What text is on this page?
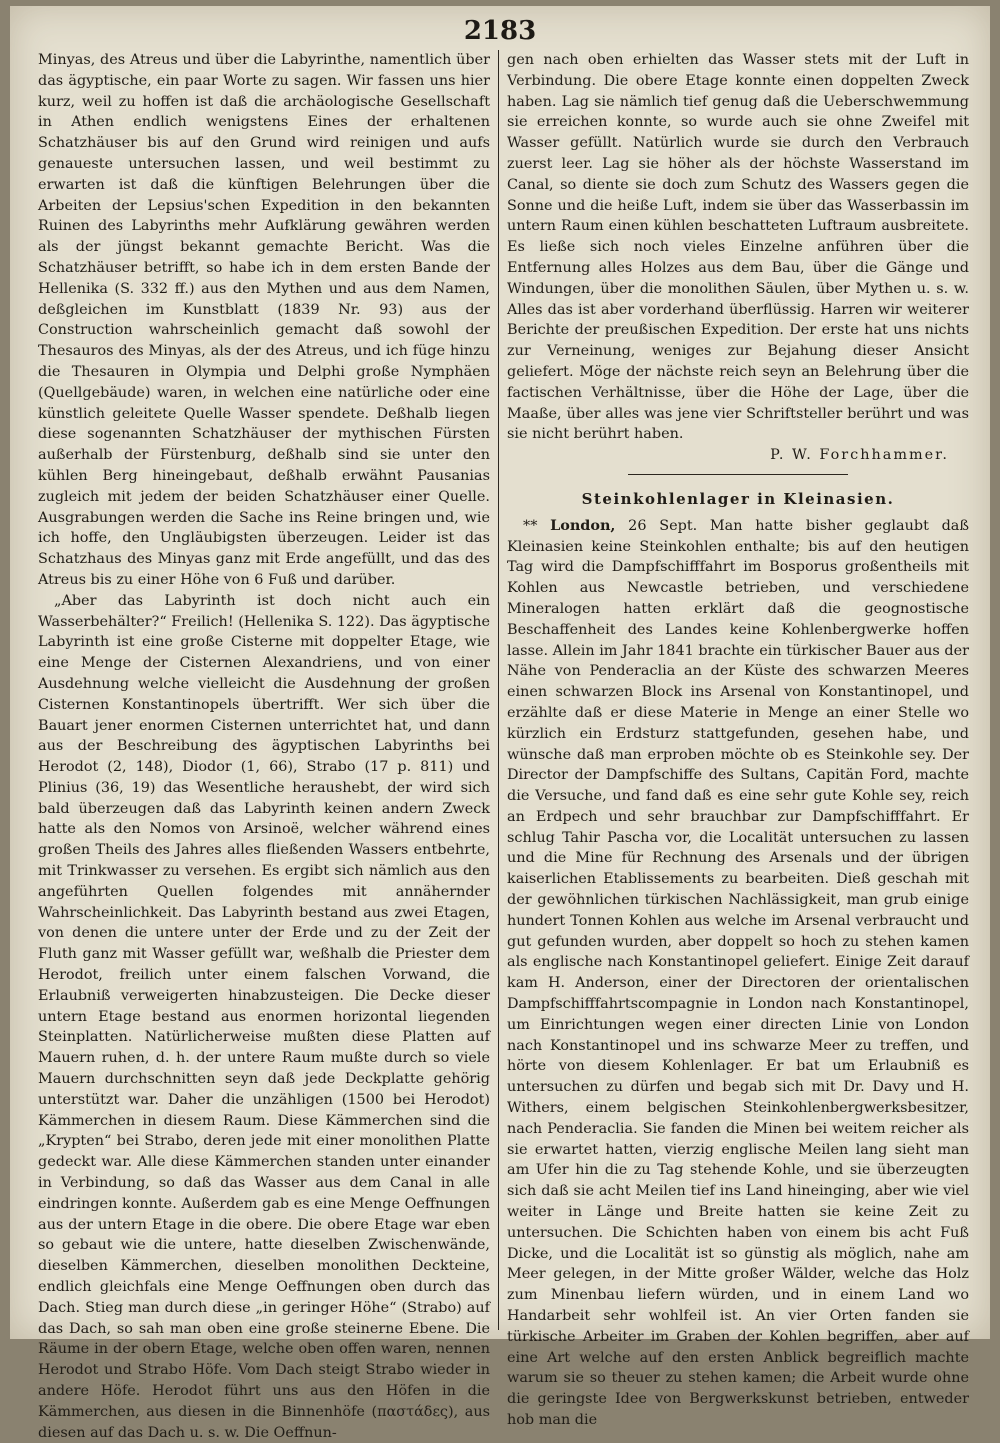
2183

Minyas, des Atreus und über die Labyrinthe, namentlich über das ägyptische, ein paar Worte zu sagen. Wir fassen uns hier kurz, weil zu hoffen ist daß die archäologische Gesellschaft in Athen endlich wenigstens Eines der erhaltenen Schatzhäuser bis auf den Grund wird reinigen und aufs genaueste untersuchen lassen, und weil bestimmt zu erwarten ist daß die künftigen Belehrungen über die Arbeiten der Lepsius'schen Expedition in den bekannten Ruinen des Labyrinths mehr Aufklärung gewähren werden als der jüngst bekannt gemachte Bericht. Was die Schatzhäuser betrifft, so habe ich in dem ersten Bande der Hellenika (S. 332 ff.) aus den Mythen und aus dem Namen, deßgleichen im Kunstblatt (1839 Nr. 93) aus der Construction wahrscheinlich gemacht daß sowohl der Thesauros des Minyas, als der des Atreus, und ich füge hinzu die Thesauren in Olympia und Delphi große Nymphäen (Quellgebäude) waren, in welchen eine natürliche oder eine künstlich geleitete Quelle Wasser spendete. Deßhalb liegen diese sogenannten Schatzhäuser der mythischen Fürsten außerhalb der Fürstenburg, deßhalb sind sie unter den kühlen Berg hineingebaut, deßhalb erwähnt Pausanias zugleich mit jedem der beiden Schatzhäuser einer Quelle. Ausgrabungen werden die Sache ins Reine bringen und, wie ich hoffe, den Ungläubigsten überzeugen. Leider ist das Schatzhaus des Minyas ganz mit Erde angefüllt, und das des Atreus bis zu einer Höhe von 6 Fuß und darüber.

„Aber das Labyrinth ist doch nicht auch ein Wasserbehälter?“ Freilich! (Hellenika S. 122). Das ägyptische Labyrinth ist eine große Cisterne mit doppelter Etage, wie eine Menge der Cisternen Alexandriens, und von einer Ausdehnung welche vielleicht die Ausdehnung der großen Cisternen Konstantinopels übertrifft. Wer sich über die Bauart jener enormen Cisternen unterrichtet hat, und dann aus der Beschreibung des ägyptischen Labyrinths bei Herodot (2, 148), Diodor (1, 66), Strabo (17 p. 811) und Plinius (36, 19) das Wesentliche heraushebt, der wird sich bald überzeugen daß das Labyrinth keinen andern Zweck hatte als den Nomos von Arsinoë, welcher während eines großen Theils des Jahres alles fließenden Wassers entbehrte, mit Trinkwasser zu versehen. Es ergibt sich nämlich aus den angeführten Quellen folgendes mit annähernder Wahrscheinlichkeit. Das Labyrinth bestand aus zwei Etagen, von denen die untere unter der Erde und zu der Zeit der Fluth ganz mit Wasser gefüllt war, weßhalb die Priester dem Herodot, freilich unter einem falschen Vorwand, die Erlaubniß verweigerten hinabzusteigen. Die Decke dieser untern Etage bestand aus enormen horizontal liegenden Steinplatten. Natürlicherweise mußten diese Platten auf Mauern ruhen, d. h. der untere Raum mußte durch so viele Mauern durchschnitten seyn daß jede Deckplatte gehörig unterstützt war. Daher die unzähligen (1500 bei Herodot) Kämmerchen in diesem Raum. Diese Kämmerchen sind die „Krypten“ bei Strabo, deren jede mit einer monolithen Platte gedeckt war. Alle diese Kämmerchen standen unter einander in Verbindung, so daß das Wasser aus dem Canal in alle eindringen konnte. Außerdem gab es eine Menge Oeffnungen aus der untern Etage in die obere. Die obere Etage war eben so gebaut wie die untere, hatte dieselben Zwischenwände, dieselben Kämmerchen, dieselben monolithen Deckteine, endlich gleichfals eine Menge Oeffnungen oben durch das Dach. Stieg man durch diese „in geringer Höhe“ (Strabo) auf das Dach, so sah man oben eine große steinerne Ebene. Die Räume in der obern Etage, welche oben offen waren, nennen Herodot und Strabo Höfe. Vom Dach steigt Strabo wieder in andere Höfe. Herodot führt uns aus den Höfen in die Kämmerchen, aus diesen in die Binnenhöfe (παστάδες), aus diesen auf das Dach u. s. w. Die Oeffnun-

gen nach oben erhielten das Wasser stets mit der Luft in Verbindung. Die obere Etage konnte einen doppelten Zweck haben. Lag sie nämlich tief genug daß die Ueberschwemmung sie erreichen konnte, so wurde auch sie ohne Zweifel mit Wasser gefüllt. Natürlich wurde sie durch den Verbrauch zuerst leer. Lag sie höher als der höchste Wasserstand im Canal, so diente sie doch zum Schutz des Wassers gegen die Sonne und die heiße Luft, indem sie über das Wasserbassin im untern Raum einen kühlen beschatteten Luftraum ausbreitete. Es ließe sich noch vieles Einzelne anführen über die Entfernung alles Holzes aus dem Bau, über die Gänge und Windungen, über die monolithen Säulen, über Mythen u. s. w. Alles das ist aber vorderhand überflüssig. Harren wir weiterer Berichte der preußischen Expedition. Der erste hat uns nichts zur Verneinung, weniges zur Bejahung dieser Ansicht geliefert. Möge der nächste reich seyn an Belehrung über die factischen Verhältnisse, über die Höhe der Lage, über die Maaße, über alles was jene vier Schriftsteller berührt und was sie nicht berührt haben.

P. W. Forchhammer.

Steinkohlenlager in Kleinasien.

** London, 26 Sept. Man hatte bisher geglaubt daß Kleinasien keine Steinkohlen enthalte; bis auf den heutigen Tag wird die Dampfschifffahrt im Bosporus großentheils mit Kohlen aus Newcastle betrieben, und verschiedene Mineralogen hatten erklärt daß die geognostische Beschaffenheit des Landes keine Kohlenbergwerke hoffen lasse. Allein im Jahr 1841 brachte ein türkischer Bauer aus der Nähe von Penderaclia an der Küste des schwarzen Meeres einen schwarzen Block ins Arsenal von Konstantinopel, und erzählte daß er diese Materie in Menge an einer Stelle wo kürzlich ein Erdsturz stattgefunden, gesehen habe, und wünsche daß man erproben möchte ob es Steinkohle sey. Der Director der Dampfschiffe des Sultans, Capitän Ford, machte die Versuche, und fand daß es eine sehr gute Kohle sey, reich an Erdpech und sehr brauchbar zur Dampfschifffahrt. Er schlug Tahir Pascha vor, die Localität untersuchen zu lassen und die Mine für Rechnung des Arsenals und der übrigen kaiserlichen Etablissements zu bearbeiten. Dieß geschah mit der gewöhnlichen türkischen Nachlässigkeit, man grub einige hundert Tonnen Kohlen aus welche im Arsenal verbraucht und gut gefunden wurden, aber doppelt so hoch zu stehen kamen als englische nach Konstantinopel geliefert. Einige Zeit darauf kam H. Anderson, einer der Directoren der orientalischen Dampfschifffahrtscompagnie in London nach Konstantinopel, um Einrichtungen wegen einer directen Linie von London nach Konstantinopel und ins schwarze Meer zu treffen, und hörte von diesem Kohlenlager. Er bat um Erlaubniß es untersuchen zu dürfen und begab sich mit Dr. Davy und H. Withers, einem belgischen Steinkohlenbergwerksbesitzer, nach Penderaclia. Sie fanden die Minen bei weitem reicher als sie erwartet hatten, vierzig englische Meilen lang sieht man am Ufer hin die zu Tag stehende Kohle, und sie überzeugten sich daß sie acht Meilen tief ins Land hineinging, aber wie viel weiter in Länge und Breite hatten sie keine Zeit zu untersuchen. Die Schichten haben von einem bis acht Fuß Dicke, und die Localität ist so günstig als möglich, nahe am Meer gelegen, in der Mitte großer Wälder, welche das Holz zum Minenbau liefern würden, und in einem Land wo Handarbeit sehr wohlfeil ist. An vier Orten fanden sie türkische Arbeiter im Graben der Kohlen begriffen, aber auf eine Art welche auf den ersten Anblick begreiflich machte warum sie so theuer zu stehen kamen; die Arbeit wurde ohne die geringste Idee von Bergwerkskunst betrieben, entweder hob man die
